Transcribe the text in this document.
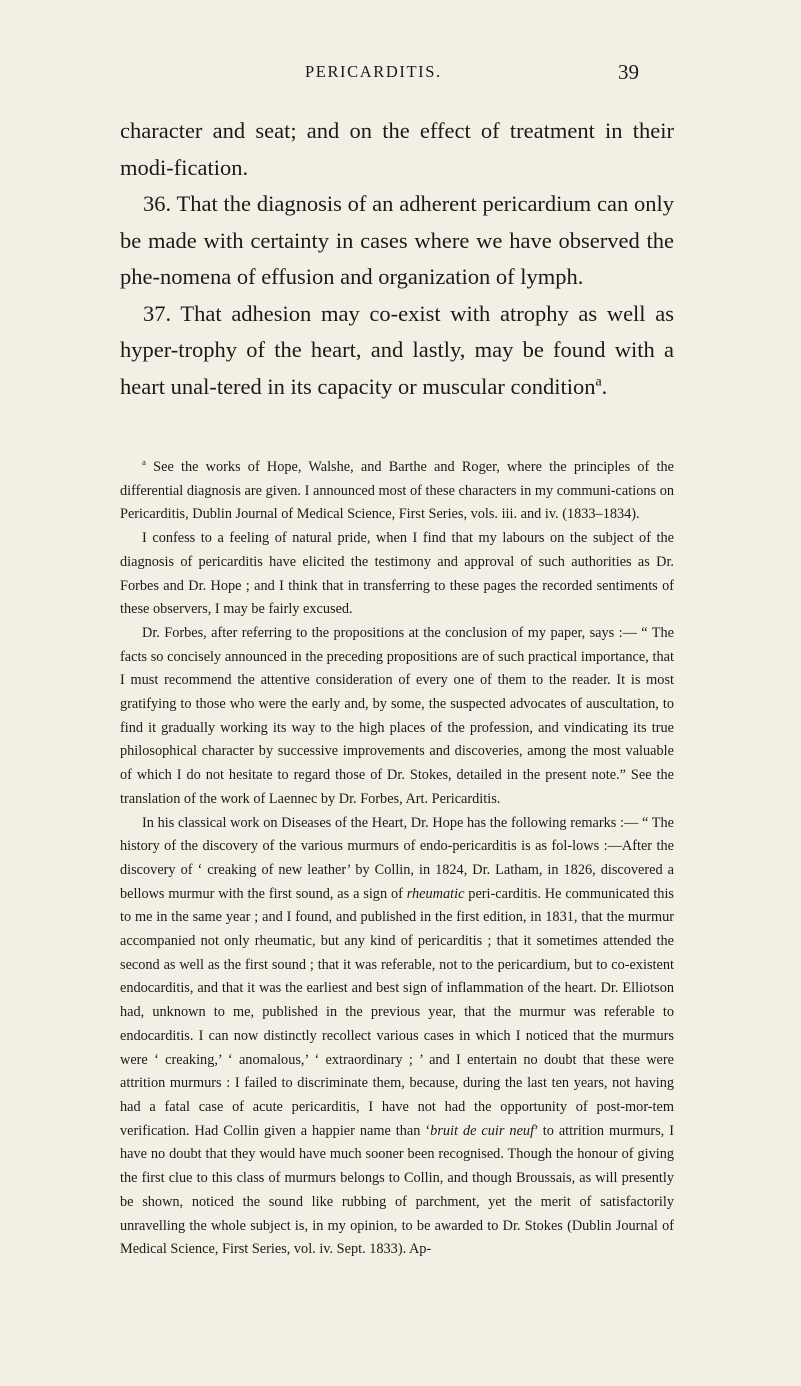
PERICARDITIS.	39

character and seat; and on the effect of treatment in their modi-fication.

36. That the diagnosis of an adherent pericardium can only be made with certainty in cases where we have observed the phe-nomena of effusion and organization of lymph.

37. That adhesion may co-exist with atrophy as well as hyper-trophy of the heart, and lastly, may be found with a heart unal-tered in its capacity or muscular condition$^a$.

$^a$ See the works of Hope, Walshe, and Barthe and Roger, where the principles of the differential diagnosis are given. I announced most of these characters in my communi-cations on Pericarditis, Dublin Journal of Medical Science, First Series, vols. iii. and iv. (1833–1834).

I confess to a feeling of natural pride, when I find that my labours on the subject of the diagnosis of pericarditis have elicited the testimony and approval of such authorities as Dr. Forbes and Dr. Hope ; and I think that in transferring to these pages the recorded sentiments of these observers, I may be fairly excused.

Dr. Forbes, after referring to the propositions at the conclusion of my paper, says :— “ The facts so concisely announced in the preceding propositions are of such practical importance, that I must recommend the attentive consideration of every one of them to the reader. It is most gratifying to those who were the early and, by some, the suspected advocates of auscultation, to find it gradually working its way to the high places of the profession, and vindicating its true philosophical character by successive improvements and discoveries, among the most valuable of which I do not hesitate to regard those of Dr. Stokes, detailed in the present note.” See the translation of the work of Laennec by Dr. Forbes, Art. Pericarditis.

In his classical work on Diseases of the Heart, Dr. Hope has the following remarks :— “ The history of the discovery of the various murmurs of endo-pericarditis is as fol-lows :—After the discovery of ‘ creaking of new leather’ by Collin, in 1824, Dr. Latham, in 1826, discovered a bellows murmur with the first sound, as a sign of rheumatic peri-carditis. He communicated this to me in the same year ; and I found, and published in the first edition, in 1831, that the murmur accompanied not only rheumatic, but any kind of pericarditis ; that it sometimes attended the second as well as the first sound ; that it was referable, not to the pericardium, but to co-existent endocarditis, and that it was the earliest and best sign of inflammation of the heart. Dr. Elliotson had, unknown to me, published in the previous year, that the murmur was referable to endocarditis. I can now distinctly recollect various cases in which I noticed that the murmurs were ‘ creaking,’ ‘ anomalous,’ ‘ extraordinary ; ’ and I entertain no doubt that these were attrition murmurs : I failed to discriminate them, because, during the last ten years, not having had a fatal case of acute pericarditis, I have not had the opportunity of post-mor-tem verification. Had Collin given a happier name than ‘bruit de cuir neuf’ to attrition murmurs, I have no doubt that they would have much sooner been recognised. Though the honour of giving the first clue to this class of murmurs belongs to Collin, and though Broussais, as will presently be shown, noticed the sound like rubbing of parchment, yet the merit of satisfactorily unravelling the whole subject is, in my opinion, to be awarded to Dr. Stokes (Dublin Journal of Medical Science, First Series, vol. iv. Sept. 1833). Ap-
